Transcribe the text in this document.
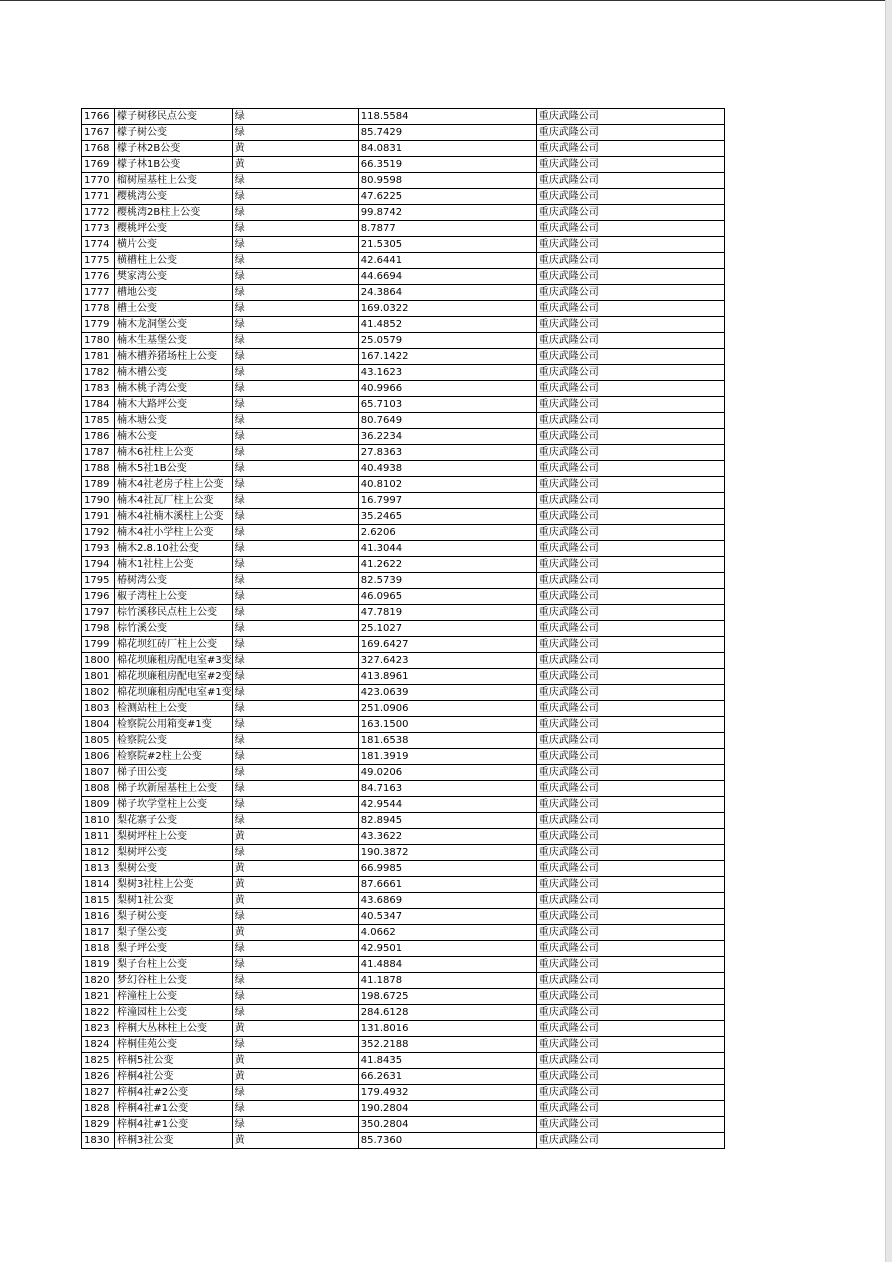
1766	檬子树移民点公变	绿	118.5584	重庆武隆公司
1767	檬子树公变	绿	85.7429	重庆武隆公司
1768	檬子林2B公变	黄	84.0831	重庆武隆公司
1769	檬子林1B公变	黄	66.3519	重庆武隆公司
1770	榴树屋基柱上公变	绿	80.9598	重庆武隆公司
1771	樱桃湾公变	绿	47.6225	重庆武隆公司
1772	樱桃湾2B柱上公变	绿	99.8742	重庆武隆公司
1773	樱桃坪公变	绿	8.7877	重庆武隆公司
1774	横片公变	绿	21.5305	重庆武隆公司
1775	横槽柱上公变	绿	42.6441	重庆武隆公司
1776	樊家湾公变	绿	44.6694	重庆武隆公司
1777	槽地公变	绿	24.3864	重庆武隆公司
1778	槽土公变	绿	169.0322	重庆武隆公司
1779	楠木龙洞堡公变	绿	41.4852	重庆武隆公司
1780	楠木生基堡公变	绿	25.0579	重庆武隆公司
1781	楠木槽养猪场柱上公变	绿	167.1422	重庆武隆公司
1782	楠木槽公变	绿	43.1623	重庆武隆公司
1783	楠木桃子湾公变	绿	40.9966	重庆武隆公司
1784	楠木大路坪公变	绿	65.7103	重庆武隆公司
1785	楠木塘公变	绿	80.7649	重庆武隆公司
1786	楠木公变	绿	36.2234	重庆武隆公司
1787	楠木6社柱上公变	绿	27.8363	重庆武隆公司
1788	楠木5社1B公变	绿	40.4938	重庆武隆公司
1789	楠木4社老房子柱上公变	绿	40.8102	重庆武隆公司
1790	楠木4社瓦厂柱上公变	绿	16.7997	重庆武隆公司
1791	楠木4社楠木溪柱上公变	绿	35.2465	重庆武隆公司
1792	楠木4社小学柱上公变	绿	2.6206	重庆武隆公司
1793	楠木2.8.10社公变	绿	41.3044	重庆武隆公司
1794	楠木1社柱上公变	绿	41.2622	重庆武隆公司
1795	椿树湾公变	绿	82.5739	重庆武隆公司
1796	椒子湾柱上公变	绿	46.0965	重庆武隆公司
1797	棕竹溪移民点柱上公变	绿	47.7819	重庆武隆公司
1798	棕竹溪公变	绿	25.1027	重庆武隆公司
1799	棉花坝红砖厂柱上公变	绿	169.6427	重庆武隆公司
1800	棉花坝廉租房配电室#3变	绿	327.6423	重庆武隆公司
1801	棉花坝廉租房配电室#2变	绿	413.8961	重庆武隆公司
1802	棉花坝廉租房配电室#1变	绿	423.0639	重庆武隆公司
1803	检测站柱上公变	绿	251.0906	重庆武隆公司
1804	检察院公用箱变#1变	绿	163.1500	重庆武隆公司
1805	检察院公变	绿	181.6538	重庆武隆公司
1806	检察院#2柱上公变	绿	181.3919	重庆武隆公司
1807	梯子田公变	绿	49.0206	重庆武隆公司
1808	梯子坎新屋基柱上公变	绿	84.7163	重庆武隆公司
1809	梯子坎学堂柱上公变	绿	42.9544	重庆武隆公司
1810	梨花寨子公变	绿	82.8945	重庆武隆公司
1811	梨树坪柱上公变	黄	43.3622	重庆武隆公司
1812	梨树坪公变	绿	190.3872	重庆武隆公司
1813	梨树公变	黄	66.9985	重庆武隆公司
1814	梨树3社柱上公变	黄	87.6661	重庆武隆公司
1815	梨树1社公变	黄	43.6869	重庆武隆公司
1816	梨子树公变	绿	40.5347	重庆武隆公司
1817	梨子堡公变	黄	4.0662	重庆武隆公司
1818	梨子坪公变	绿	42.9501	重庆武隆公司
1819	梨子台柱上公变	绿	41.4884	重庆武隆公司
1820	梦幻谷柱上公变	绿	41.1878	重庆武隆公司
1821	梓潼柱上公变	绿	198.6725	重庆武隆公司
1822	梓潼园柱上公变	绿	284.6128	重庆武隆公司
1823	梓桐大丛林柱上公变	黄	131.8016	重庆武隆公司
1824	梓桐佳苑公变	绿	352.2188	重庆武隆公司
1825	梓桐5社公变	黄	41.8435	重庆武隆公司
1826	梓桐4社公变	黄	66.2631	重庆武隆公司
1827	梓桐4社#2公变	绿	179.4932	重庆武隆公司
1828	梓桐4社#1公变	绿	190.2804	重庆武隆公司
1829	梓桐4社#1公变	绿	350.2804	重庆武隆公司
1830	梓桐3社公变	黄	85.7360	重庆武隆公司
